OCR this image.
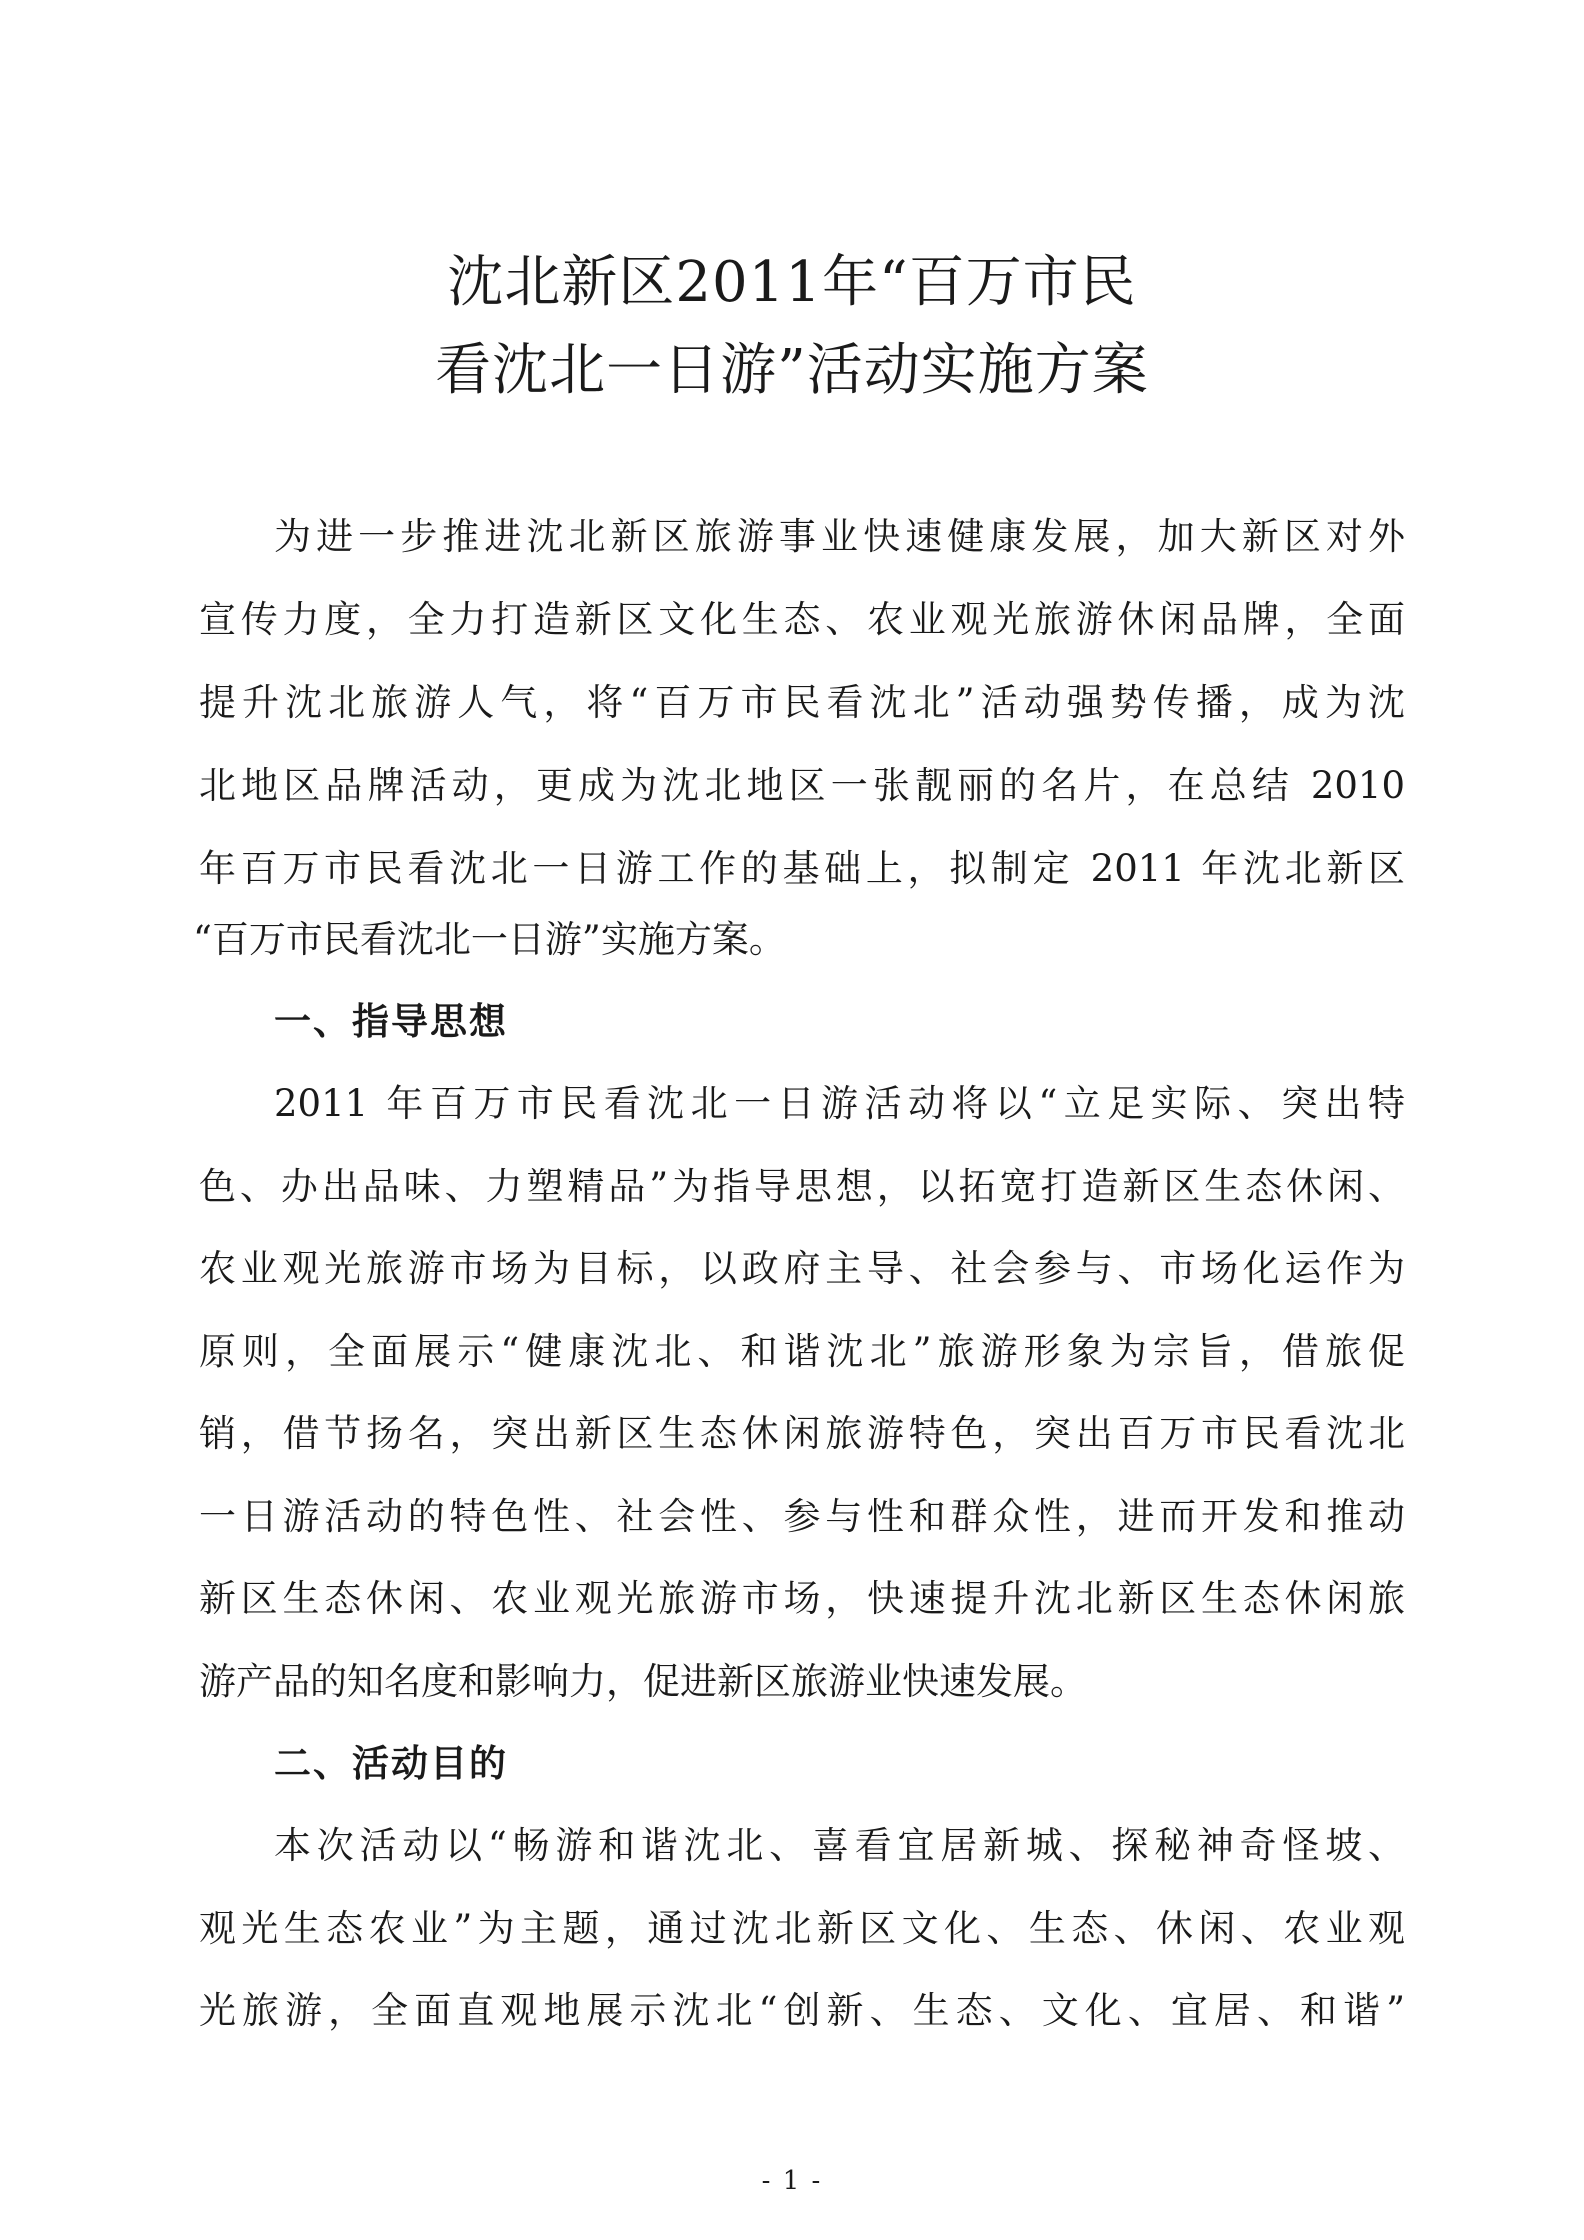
沈北新区2011年“百万市民
看沈北一日游”活动实施方案
为进一步推进沈北新区旅游事业快速健康发展，加大新区对外
宣传力度，全力打造新区文化生态、农业观光旅游休闲品牌，全面
提升沈北旅游人气，将“百万市民看沈北”活动强势传播，成为沈
北地区品牌活动，更成为沈北地区一张靓丽的名片，在总结 2010
年百万市民看沈北一日游工作的基础上，拟制定 2011 年沈北新区
“百万市民看沈北一日游”实施方案。
一、指导思想
2011 年百万市民看沈北一日游活动将以“立足实际、突出特
色、办出品味、力塑精品”为指导思想，以拓宽打造新区生态休闲、
农业观光旅游市场为目标，以政府主导、社会参与、市场化运作为
原则，全面展示“健康沈北、和谐沈北”旅游形象为宗旨，借旅促
销，借节扬名，突出新区生态休闲旅游特色，突出百万市民看沈北
一日游活动的特色性、社会性、参与性和群众性，进而开发和推动
新区生态休闲、农业观光旅游市场，快速提升沈北新区生态休闲旅
游产品的知名度和影响力，促进新区旅游业快速发展。
二、活动目的
本次活动以“畅游和谐沈北、喜看宜居新城、探秘神奇怪坡、
观光生态农业”为主题，通过沈北新区文化、生态、休闲、农业观
光旅游，全面直观地展示沈北“创新、生态、文化、宜居、和谐”
- 1 -
